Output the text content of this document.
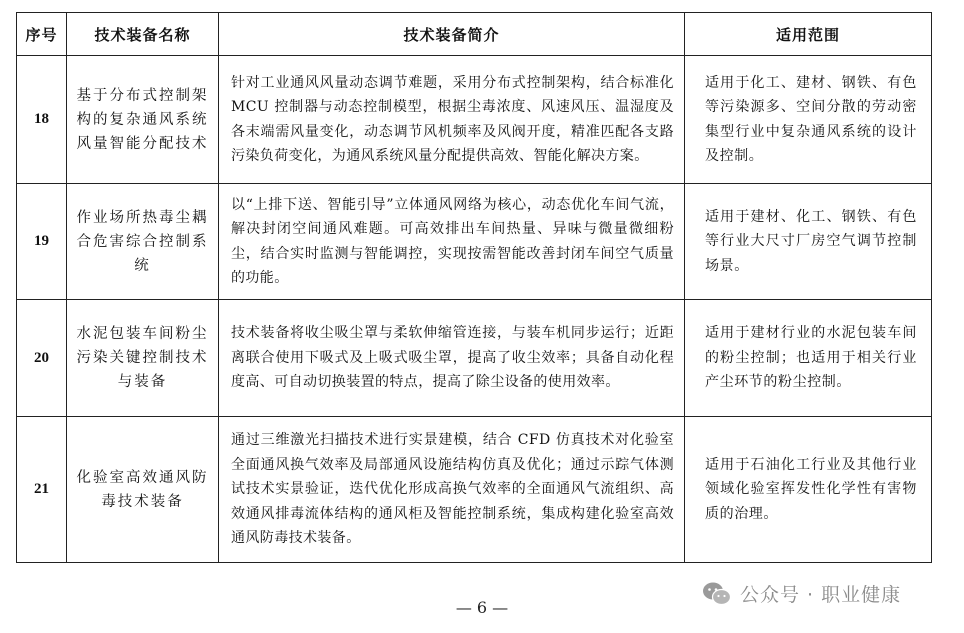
序号	技术装备名称	技术装备简介	适用范围
18	基于分布式控制架构的复杂通风系统风量智能分配技术	针对工业通风风量动态调节难题，采用分布式控制架构，结合标准化 MCU 控制器与动态控制模型，根据尘毒浓度、风速风压、温湿度及各末端需风量变化，动态调节风机频率及风阀开度，精准匹配各支路污染负荷变化，为通风系统风量分配提供高效、智能化解决方案。	适用于化工、建材、钢铁、有色等污染源多、空间分散的劳动密集型行业中复杂通风系统的设计及控制。

19	作业场所热毒尘耦合危害综合控制系统	以“上排下送、智能引导”立体通风网络为核心，动态优化车间气流，解决封闭空间通风难题。可高效排出车间热量、异味与微量微细粉尘，结合实时监测与智能调控，实现按需智能改善封闭车间空气质量的功能。	适用于建材、化工、钢铁、有色等行业大尺寸厂房空气调节控制场景。

20	水泥包装车间粉尘污染关键控制技术与装备	技术装备将收尘吸尘罩与柔软伸缩管连接，与装车机同步运行；近距离联合使用下吸式及上吸式吸尘罩，提高了收尘效率；具备自动化程度高、可自动切换装置的特点，提高了除尘设备的使用效率。	适用于建材行业的水泥包装车间的粉尘控制；也适用于相关行业产尘环节的粉尘控制。

21	化验室高效通风防毒技术装备	通过三维激光扫描技术进行实景建模，结合 CFD 仿真技术对化验室全面通风换气效率及局部通风设施结构仿真及优化；通过示踪气体测试技术实景验证，迭代优化形成高换气效率的全面通风气流组织、高效通风排毒流体结构的通风柜及智能控制系统，集成构建化验室高效通风防毒技术装备。	适用于石油化工行业及其他行业领域化验室挥发性化学性有害物质的治理。
公众号 · 职业健康
— 6 —
